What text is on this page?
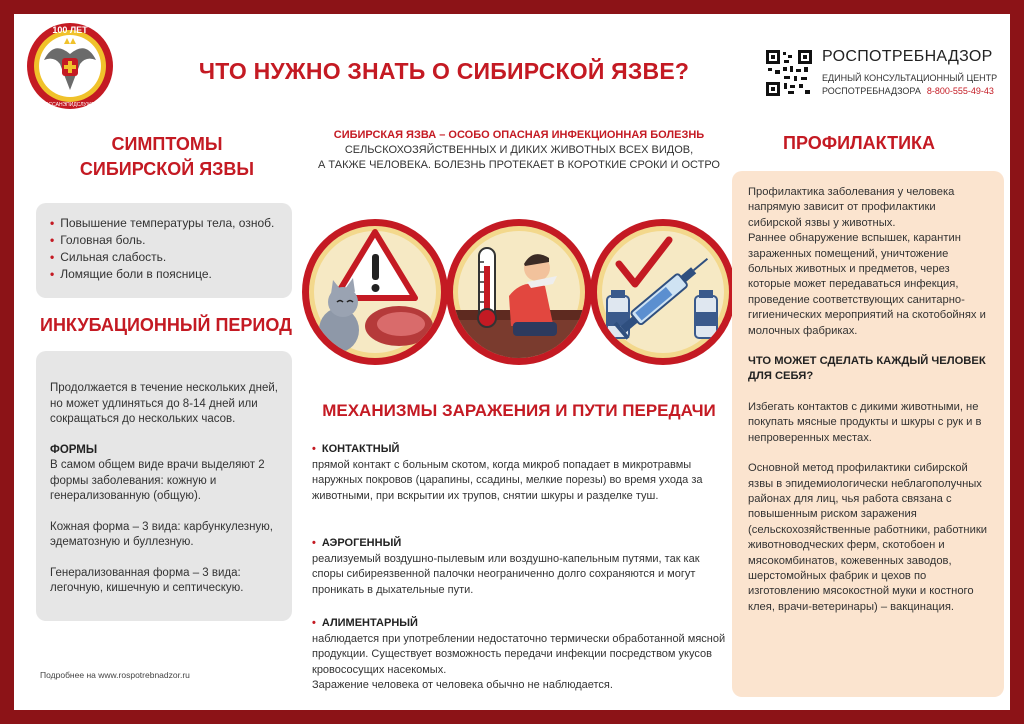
100 ЛЕТ
ГОССАНЭПИДСЛУЖБА
ЧТО НУЖНО ЗНАТЬ О СИБИРСКОЙ ЯЗВЕ?
РОСПОТРЕБНАДЗОР
ЕДИНЫЙ КОНСУЛЬТАЦИОННЫЙ ЦЕНТР
РОСПОТРЕБНАДЗОРА 8-800-555-49-43
СИМПТОМЫ
СИБИРСКОЙ ЯЗВЫ
• Повышение температуры тела, озноб.
• Головная боль.
• Сильная слабость.
• Ломящие боли в пояснице.
ИНКУБАЦИОННЫЙ ПЕРИОД

Продолжается в течение нескольких дней, но может удлиняться до 8-14 дней или сокращаться до нескольких часов.

ФОРМЫ

В самом общем виде врачи выделяют 2 формы заболевания: кожную и генерализованную (общую).

Кожная форма – 3 вида: карбункулезную, эдематозную и буллезную.

Генерализованная форма – 3 вида: легочную, кишечную и септическую.

СИБИРСКАЯ ЯЗВА – ОСОБО ОПАСНАЯ ИНФЕКЦИОННАЯ БОЛЕЗНЬ
СЕЛЬСКОХОЗЯЙСТВЕННЫХ И ДИКИХ ЖИВОТНЫХ ВСЕХ ВИДОВ,
А ТАКЖЕ ЧЕЛОВЕКА. БОЛЕЗНЬ ПРОТЕКАЕТ В КОРОТКИЕ СРОКИ И ОСТРО
МЕХАНИЗМЫ ЗАРАЖЕНИЯ И ПУТИ ПЕРЕДАЧИ
• КОНТАКТНЫЙ
прямой контакт с больным скотом, когда микроб попадает в микротравмы наружных покровов (царапины, ссадины, мелкие порезы) во время ухода за животными, при вскрытии их трупов, снятии шкуры и разделке туш.
• АЭРОГЕННЫЙ
реализуемый воздушно-пылевым или воздушно-капельным путями, так как споры сибиреязвенной палочки неограниченно долго сохраняются и могут проникать в дыхательные пути.
• АЛИМЕНТАРНЫЙ
наблюдается при употреблении недостаточно термически обработанной мясной продукции. Существует возможность передачи инфекции посредством укусов кровососущих насекомых.
Заражение человека от человека обычно не наблюдается.
ПРОФИЛАКТИКА

Профилактика заболевания у человека напрямую зависит от профилактики сибирской язвы у животных.
Раннее обнаружение вспышек, карантин зараженных помещений, уничтожение больных животных и предметов, через которые может передаваться инфекция, проведение соответствующих санитарно-гигиенических мероприятий на скотобойнях и молочных фабриках.

ЧТО МОЖЕТ СДЕЛАТЬ КАЖДЫЙ ЧЕЛОВЕК ДЛЯ СЕБЯ?

Избегать контактов с дикими животными, не покупать мясные продукты и шкуры с рук и в непроверенных местах.

Основной метод профилактики сибирской язвы в эпидемиологически неблагополучных районах для лиц, чья работа связана с повышенным риском заражения (сельскохозяйственные работники, работники животноводческих ферм, скотобоен и мясокомбинатов, кожевенных заводов, шерстомойных фабрик и цехов по изготовлению мясокостной муки и костного клея, врачи-ветеринары) – вакцинация.

Подробнее на www.rospotrebnadzor.ru
